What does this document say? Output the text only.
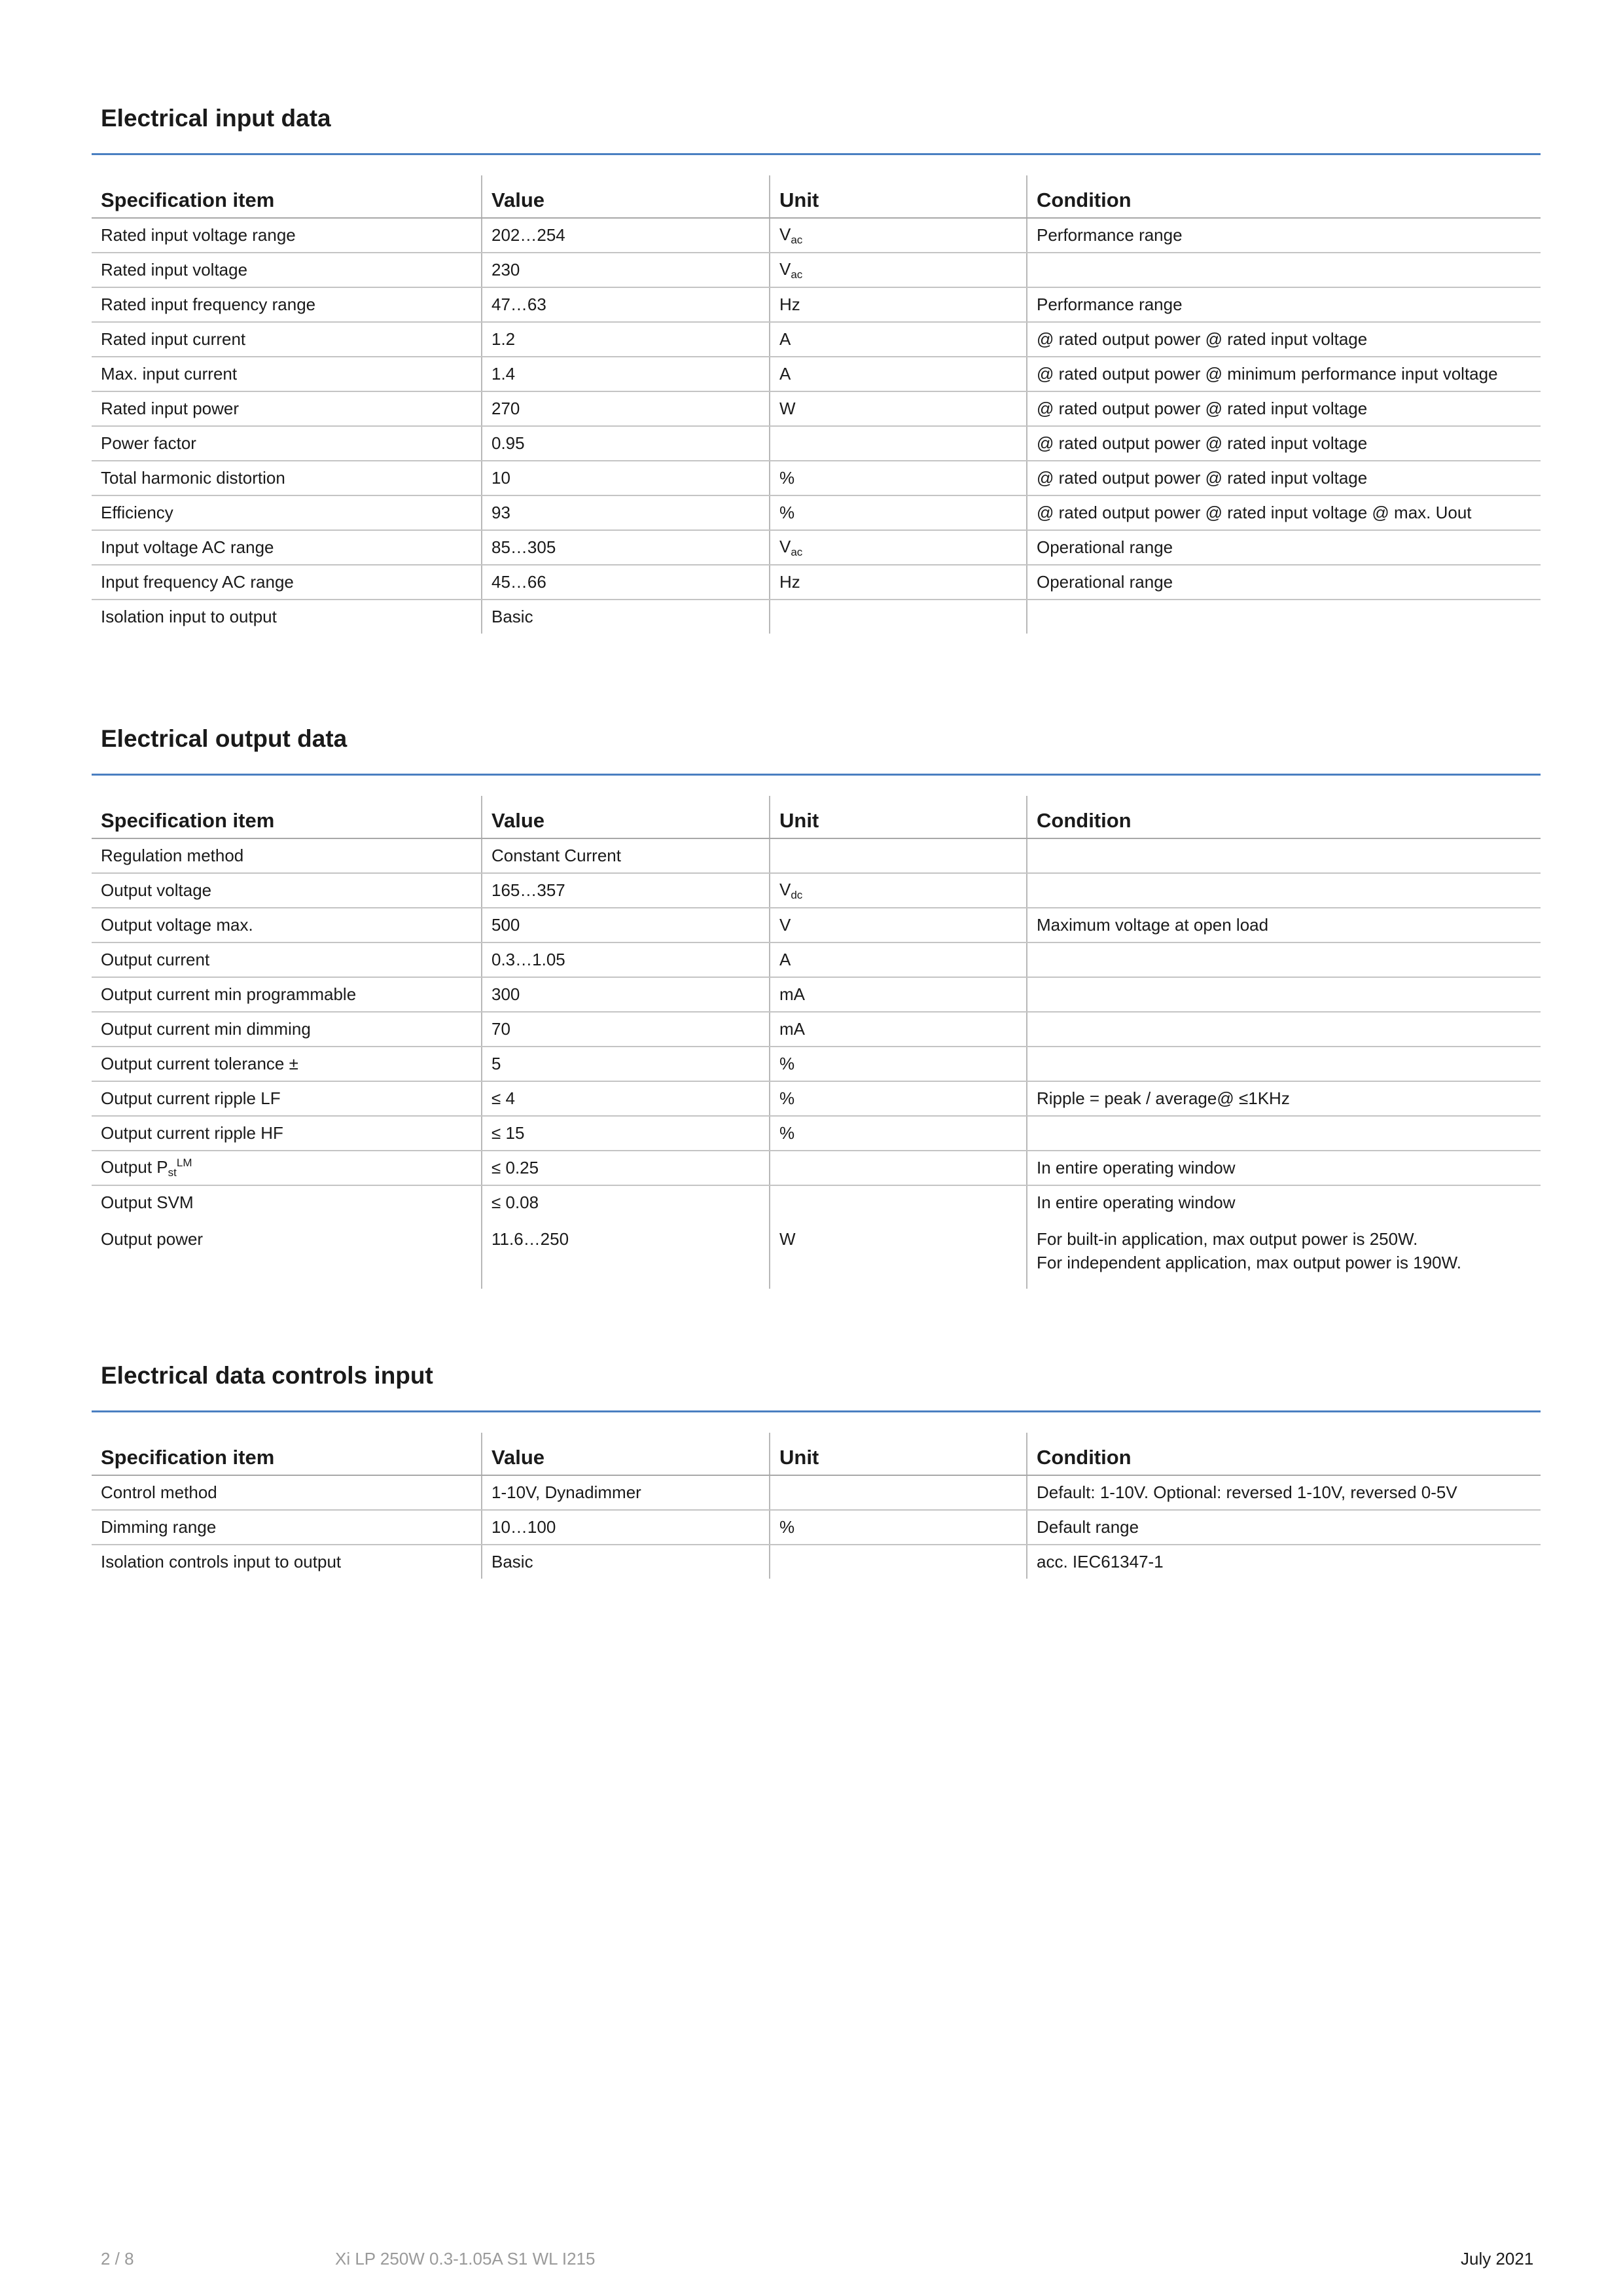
Electrical input data
Specification item	Value	Unit	Condition
Rated input voltage range	202…254	$V_{ac}$	Performance range
Rated input voltage	230	$V_{ac}$	
Rated input frequency range	47…63	Hz	Performance range
Rated input current	1.2	A	@ rated output power @ rated input voltage
Max. input current	1.4	A	@ rated output power @ minimum performance input voltage
Rated input power	270	W	@ rated output power @ rated input voltage
Power factor	0.95		@ rated output power @ rated input voltage
Total harmonic distortion	10	%	@ rated output power @ rated input voltage
Efficiency	93	%	@ rated output power @ rated input voltage @ max. Uout
Input voltage AC range	85…305	$V_{ac}$	Operational range
Input frequency AC range	45…66	Hz	Operational range
Isolation input to output	Basic		
Electrical output data
Specification item	Value	Unit	Condition
Regulation method	Constant Current		
Output voltage	165…357	$V_{dc}$	
Output voltage max.	500	V	Maximum voltage at open load
Output current	0.3…1.05	A	
Output current min programmable	300	mA	
Output current min dimming	70	mA	
Output current tolerance ±	5	%	
Output current ripple LF	≤ 4	%	Ripple = peak / average@ ≤1KHz
Output current ripple HF	≤ 15	%	
Output $P_{st}^{LM}$	≤ 0.25		In entire operating window
Output SVM	≤ 0.08		In entire operating window
Output power	11.6…250	W	For built-in application, max output power is 250W.
For independent application, max output power is 190W.
Electrical data controls input
Specification item	Value	Unit	Condition
Control method	1-10V, Dynadimmer		Default: 1-10V. Optional: reversed 1-10V, reversed 0-5V
Dimming range	10…100	%	Default range
Isolation controls input to output	Basic		acc. IEC61347-1
2 / 8	Xi LP 250W 0.3-1.05A S1 WL I215	July 2021
